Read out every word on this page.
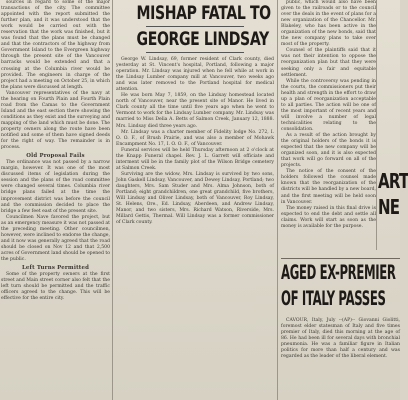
sources in regard to some of the major transactions of the city. The committee appointed with the report submitted the further plan, and it was understood that the work would be carried out with the reservation that the work was finished, but it was found that the plans must be changed and that the contractors of the highway from Government Island to the Evergreen highway through the present site of the Vancouver barracks would be extended and that a crossing at the Columbia river would be provided. The engineers in charge of the project had a meeting on October 25, in which the plans were discussed at length.

Vancouver representatives of the navy at the hearing on Fourth Plain and Fourth Plain road from the Camas to the Government Island and the east section there showing the conditions as they exist and the surveying and mapping of the land which must be done. The property owners along the route have been notified and some of them have signed deeds for the right of way. The remainder is in process.

Old Proposal Fails

The ordinance was not passed by a narrow margin, however. It was one of the most discussed items of legislation during the session and the plans of the road committee were changed several times. Columbia river bridge plans failed at the time the improvement district was before the council and the commission decided to place the bridge a few feet east of the present site.

Councilmen Nave favored the project, but as an emergency measure it was not passed at the preceding meeting. Other councilmen, however, were inclined to endorse the change, and it now was generally agreed that the road should be closed on Nov 12 and that 2,500 acres of Government land should be opened to the public.

Left Turns Permitted

Some of the property owners at the first street and Main street corner also felt that the left turn should be permitted and the traffic officers agreed to the change. This will be effective for the entire city.

MISHAP FATAL TO
GEORGE LINDSAY

George W. Lindsay, 69, former resident of Clark county, died yesterday at St. Vincent's hospital, Portland, following a major operation. Mr. Lindsay was injured when he fell while at work in the Lindsay Lumber company mill at Vancouver, two weeks ago and was later removed to the Portland hospital for medical attention.

He was born May 7, 1859, on the Lindsay homestead located north of Vancouver, near the present site of Manor. He lived in Clark county all the time until five years ago when he went to Vermont to work for the Lindsay Lumber company. Mr. Lindsay was married to Miss Delia A. Betts of Salmon Creek, January 12, 1888. Mrs. Lindsay died three years ago.

Mr. Lindsay was a charter member of Fidelity lodge No. 272, I. O. O. F., of Brush Prairie, and was also a member of Mohawk Encampment No. 17, I. O. O. F., of Vancouver.

Funeral services will be held Thursday afternoon at 2 o'clock at the Knapp Funeral chapel. Rev. J. L. Garrett will officiate and interment will be in the family plot of the Wilson Bridge cemetery at Salmon Creek.

Surviving are the widow, Mrs. Lindsay is survived by two sons, John Gaskell Lindsay, Vancouver, and Dewey Lindsay, Portland; two daughters, Mrs. Sam Studer and Mrs. Alma Johnson, both of Portland; eight grandchildren, one great grandchild, five brothers, Will Lindsay and Oliver Lindsay, both of Vancouver, Roy Lindsay, St. Helens, Ore., Ed. Lindsay, Aberdeen, and Andrew Lindsay, Manor, and two sisters, Mrs. Richard Watson, Riverside, Mrs. Millard Gettis, Thermal. Will Lindsay was a former commissioner of Clark county.

public, which would also have been given to the railroads or to the council over the deals in the event of plans for a new organization of the Chancellor. Mr. Blakeley, who has been active in the organization of the new bonds, said that the new company plans to take over most of the property.

Counsel of the plaintiffs said that it was not their intention to oppose the reorganization plan but that they were seeking only a fair and equitable settlement.

While the controversy was pending in the courts, the commissioners put their health and strength in the effort to draw up a plan of reorganization acceptable to all parties. The action will be one of the most important of recent years and will involve a number of legal technicalities relating to the consolidation.

As a result of the action brought by the original holders of the bonds it is expected that the new company will be organized soon, and it is also expected that work will go forward on all of the projects.

The notice of the consent of the holders followed the counsel made known that the reorganization of the districts will be handled by a new board, and the first meeting will be held soon in Vancouver.

The money raised in this final drive is expected to end the debt and settle all claims. Work will start as soon as the money is available for the purpose.

ART
NE
AGED EX-PREMIER
OF ITALY PASSES

CAVOUR, Italy, July --(AP)-- Giovanni Giolitti, foremost elder statesman of Italy and five times premier of Italy, died this morning at the age of 86. He had been ill for several days with bronchial pneumonia. He was a familiar figure in Italian politics for more than half a century and was regarded as the leader of the liberal element.
